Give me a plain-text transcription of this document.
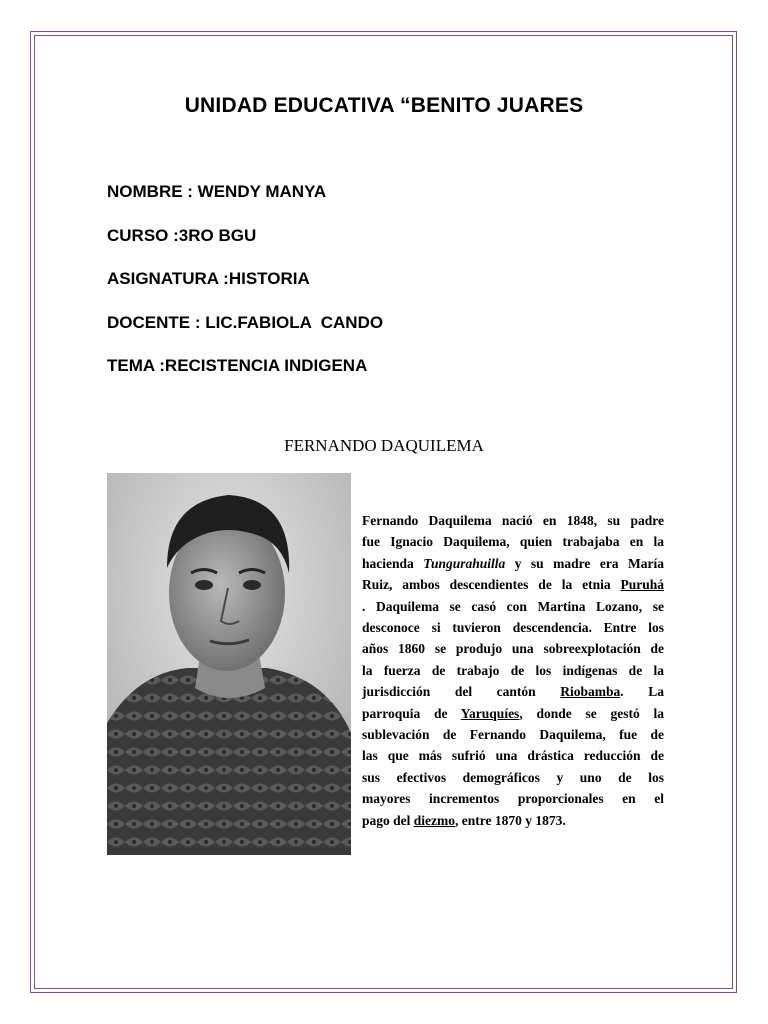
UNIDAD EDUCATIVA “BENITO JUARES
NOMBRE : WENDY MANYA
CURSO :3RO BGU
ASIGNATURA :HISTORIA
DOCENTE : LIC.FABIOLA  CANDO
TEMA :RECISTENCIA INDIGENA
FERNANDO DAQUILEMA
Fernando Daquilema nació en 1848, su padre
fue Ignacio Daquilema, quien trabajaba en la
hacienda Tungurahuilla y su madre era María
Ruiz, ambos descendientes de la etnia Puruhá
. Daquilema se casó con Martina Lozano, se
desconoce si tuvieron descendencia. Entre los
años 1860 se produjo una sobreexplotación de
la fuerza de trabajo de los indígenas de la
jurisdicción del cantón Riobamba. La
parroquia de Yaruquíes, donde se gestó la
sublevación de Fernando Daquilema, fue de
las que más sufrió una drástica reducción de
sus efectivos demográficos y uno de los
mayores incrementos proporcionales en el
pago del diezmo, entre 1870 y 1873.
